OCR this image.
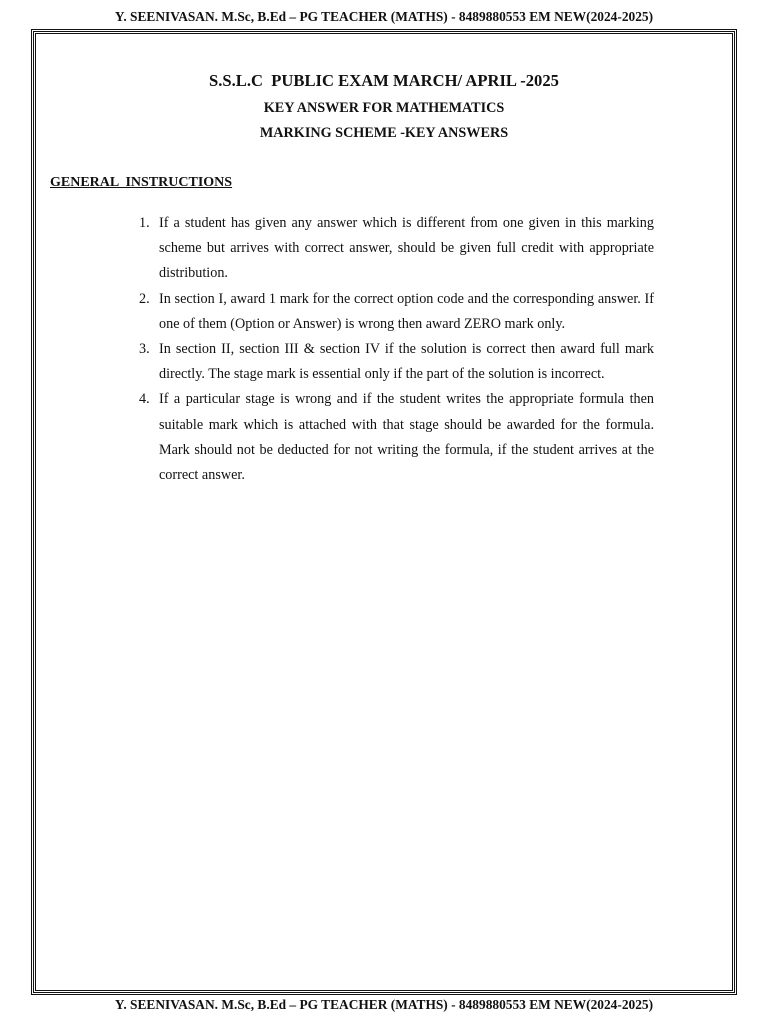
Y. SEENIVASAN. M.Sc, B.Ed – PG TEACHER (MATHS) - 8489880553 EM NEW(2024-2025)
S.S.L.C  PUBLIC EXAM MARCH/ APRIL -2025
KEY ANSWER FOR MATHEMATICS
MARKING SCHEME -KEY ANSWERS
GENERAL  INSTRUCTIONS
1. If a student has given any answer which is different from one given in this marking scheme but arrives with correct answer, should be given full credit with appropriate distribution.
2. In section I, award 1 mark for the correct option code and the corresponding answer. If one of them (Option or Answer) is wrong then award ZERO mark only.
3. In section II, section III & section IV if the solution is correct then award full mark directly. The stage mark is essential only if the part of the solution is incorrect.
4. If a particular stage is wrong and if the student writes the appropriate formula then suitable mark which is attached with that stage should be awarded for the formula. Mark should not be deducted for not writing the formula, if the student arrives at the correct answer.
Y. SEENIVASAN. M.Sc, B.Ed – PG TEACHER (MATHS) - 8489880553 EM NEW(2024-2025)
